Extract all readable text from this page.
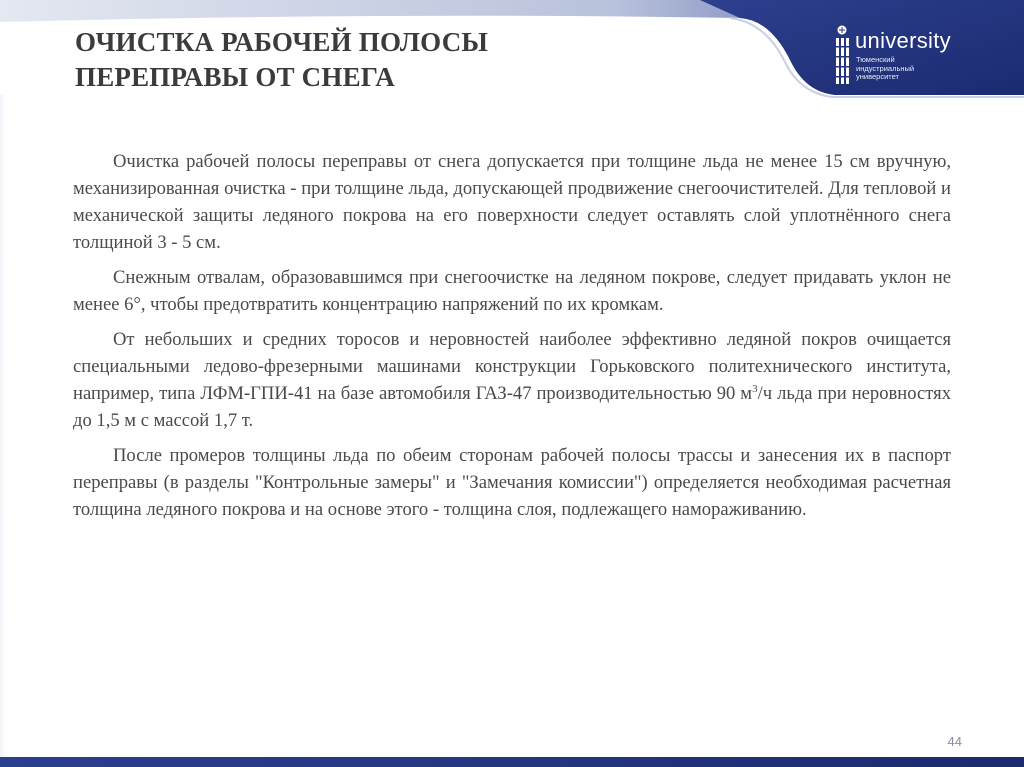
ОЧИСТКА РАБОЧЕЙ ПОЛОСЫ
ПЕРЕПРАВЫ ОТ СНЕГА
university
Тюменский
индустриальный
университет

Очистка рабочей полосы переправы от снега допускается при толщине льда не менее 15 см вручную, механизированная очистка - при толщине льда, допускающей продвижение снегоочистителей. Для тепловой и механической защиты ледяного покрова на его поверхности следует оставлять слой уплотнённого снега толщиной 3 - 5 см.

Снежным отвалам, образовавшимся при снегоочистке на ледяном покрове, следует придавать уклон не менее 6°, чтобы предотвратить концентрацию напряжений по их кромкам.

От небольших и средних торосов и неровностей наиболее эффективно ледяной покров очищается специальными ледово-фрезерными машинами конструкции Горьковского политехнического института, например, типа ЛФМ-ГПИ-41 на базе автомобиля ГАЗ-47 производительностью 90 $м^3/ч$ льда при неровностях до 1,5 м с массой 1,7 т.

После промеров толщины льда по обеим сторонам рабочей полосы трассы и занесения их в паспорт переправы (в разделы "Контрольные замеры" и "Замечания комиссии") определяется необходимая расчетная толщина ледяного покрова и на основе этого - толщина слоя, подлежащего намораживанию.

44
